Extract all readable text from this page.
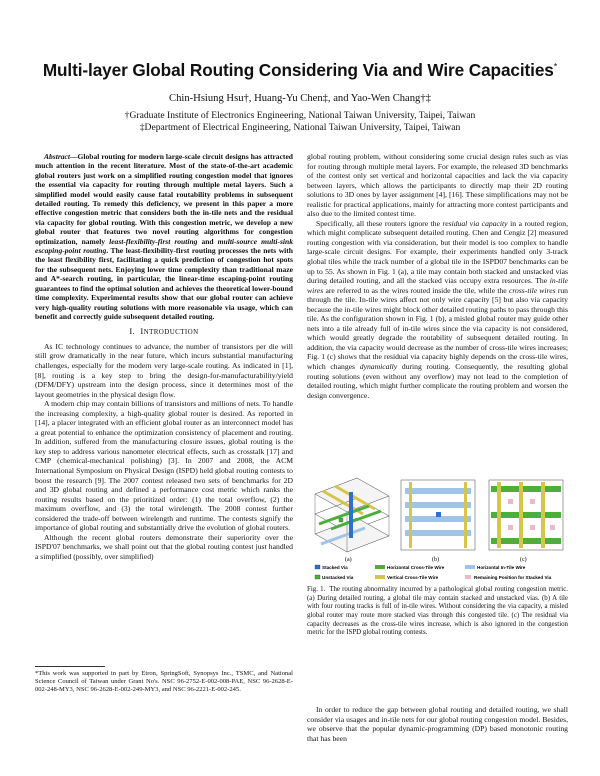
Multi-layer Global Routing Considering Via and Wire Capacities*
Chin-Hsiung Hsu†, Huang-Yu Chen‡, and Yao-Wen Chang†‡
†Graduate Institute of Electronics Engineering, National Taiwan University, Taipei, Taiwan
‡Department of Electrical Engineering, National Taiwan University, Taipei, Taiwan

Abstract—Global routing for modern large-scale circuit designs has attracted much attention in the recent literature. Most of the state-of-the-art academic global routers just work on a simplified routing congestion model that ignores the essential via capacity for routing through multiple metal layers. Such a simplified model would easily cause fatal routability problems in subsequent detailed routing. To remedy this deficiency, we present in this paper a more effective congestion metric that considers both the in-tile nets and the residual via capacity for global routing. With this congestion metric, we develop a new global router that features two novel routing algorithms for congestion optimization, namely least-flexibility-first routing and multi-source multi-sink escaping-point routing. The least-flexibility-first routing processes the nets with the least flexibility first, facilitating a quick prediction of congestion hot spots for the subsequent nets. Enjoying lower time complexity than traditional maze and A*-search routing, in particular, the linear-time escaping-point routing guarantees to find the optimal solution and achieves the theoretical lower-bound time complexity. Experimental results show that our global router can achieve very high-quality routing solutions with more reasonable via usage, which can benefit and correctly guide subsequent detailed routing.

I. INTRODUCTION

As IC technology continues to advance, the number of transistors per die will still grow dramatically in the near future, which incurs substantial manufacturing challenges, especially for the modern very large-scale routing. As indicated in [1], [8], routing is a key step to bring the design-for-manufacturability/yield (DFM/DFY) upstream into the design process, since it determines most of the layout geometries in the physical design flow.

A modern chip may contain billions of transistors and millions of nets. To handle the increasing complexity, a high-quality global router is desired. As reported in [14], a placer integrated with an efficient global router as an interconnect model has a great potential to enhance the optimization consistency of placement and routing. In addition, suffered from the manufacturing closure issues, global routing is the key step to address various nanometer electrical effects, such as crosstalk [17] and CMP (chemical-mechanical polishing) [3]. In 2007 and 2008, the ACM International Symposium on Physical Design (ISPD) held global routing contests to boost the research [9]. The 2007 contest released two sets of benchmarks for 2D and 3D global routing and defined a performance cost metric which ranks the routing results based on the prioritized order: (1) the total overflow, (2) the maximum overflow, and (3) the total wirelength. The 2008 contest further considered the trade-off between wirelength and runtime. The contests signify the importance of global routing and substantially drive the evolution of global routers.

Although the recent global routers demonstrate their superiority over the ISPD'07 benchmarks, we shall point out that the global routing contest just handled a simplified (possibly, over simplified)

*This work was supported in part by Etron, SpringSoft, Synopsys Inc., TSMC, and National Science Council of Taiwan under Grant No's. NSC 96-2752-E-002-008-PAE, NSC 96-2628-E-002-248-MY3, NSC 96-2628-E-002-249-MY3, and NSC 96-2221-E-002-245.

global routing problem, without considering some crucial design rules such as vias for routing through multiple metal layers. For example, the released 3D benchmarks of the contest only set vertical and horizontal capacities and lack the via capacity between layers, which allows the participants to directly map their 2D routing solutions to 3D ones by layer assignment [4], [16]. These simplifications may not be realistic for practical applications, mainly for attracting more contest participants and also due to the limited contest time.

Specifically, all these routers ignore the residual via capacity in a routed region, which might complicate subsequent detailed routing. Chen and Cengiz [2] measured routing congestion with via consideration, but their model is too complex to handle large-scale circuit designs. For example, their experiments handled only 3-track global tiles while the track number of a global tile in the ISPD07 benchmarks can be up to 55. As shown in Fig. 1 (a), a tile may contain both stacked and unstacked vias during detailed routing, and all the stacked vias occupy extra resources. The in-tile wires are referred to as the wires routed inside the tile, while the cross-tile wires run through the tile. In-tile wires affect not only wire capacity [5] but also via capacity because the in-tile wires might block other detailed routing paths to pass through this tile. As the configuration shown in Fig. 1 (b), a misled global router may guide other nets into a tile already full of in-tile wires since the via capacity is not considered, which would greatly degrade the routability of subsequent detailed routing. In addition, the via capacity would decrease as the number of cross-tile wires increases; Fig. 1 (c) shows that the residual via capacity highly depends on the cross-tile wires, which changes dynamically during routing. Consequently, the resulting global routing solutions (even without any overflow) may not lead to the completion of detailed routing, which might further complicate the routing problem and worsen the design convergence.

(a)	(b)	(c)
Stacked Via	Horizontal Cross-Tile Wire	Horizontal In-Tile Wire
Unstacked Via	Vertical Cross-Tile Wire	Remaining Position for Stacked Via
Fig. 1. The routing abnormality incurred by a pathological global routing congestion metric. (a) During detailed routing, a global tile may contain stacked and unstacked vias. (b) A tile with four routing tracks is full of in-tile wires. Without considering the via capacity, a misled global router may route more stacked vias through this congested tile. (c) The residual via capacity decreases as the cross-tile wires increase, which is also ignored in the congestion metric for the ISPD global routing contests.

In order to reduce the gap between global routing and detailed routing, we shall consider via usages and in-tile nets for our global routing congestion model. Besides, we observe that the popular dynamic-programming (DP) based monotonic routing that has been
